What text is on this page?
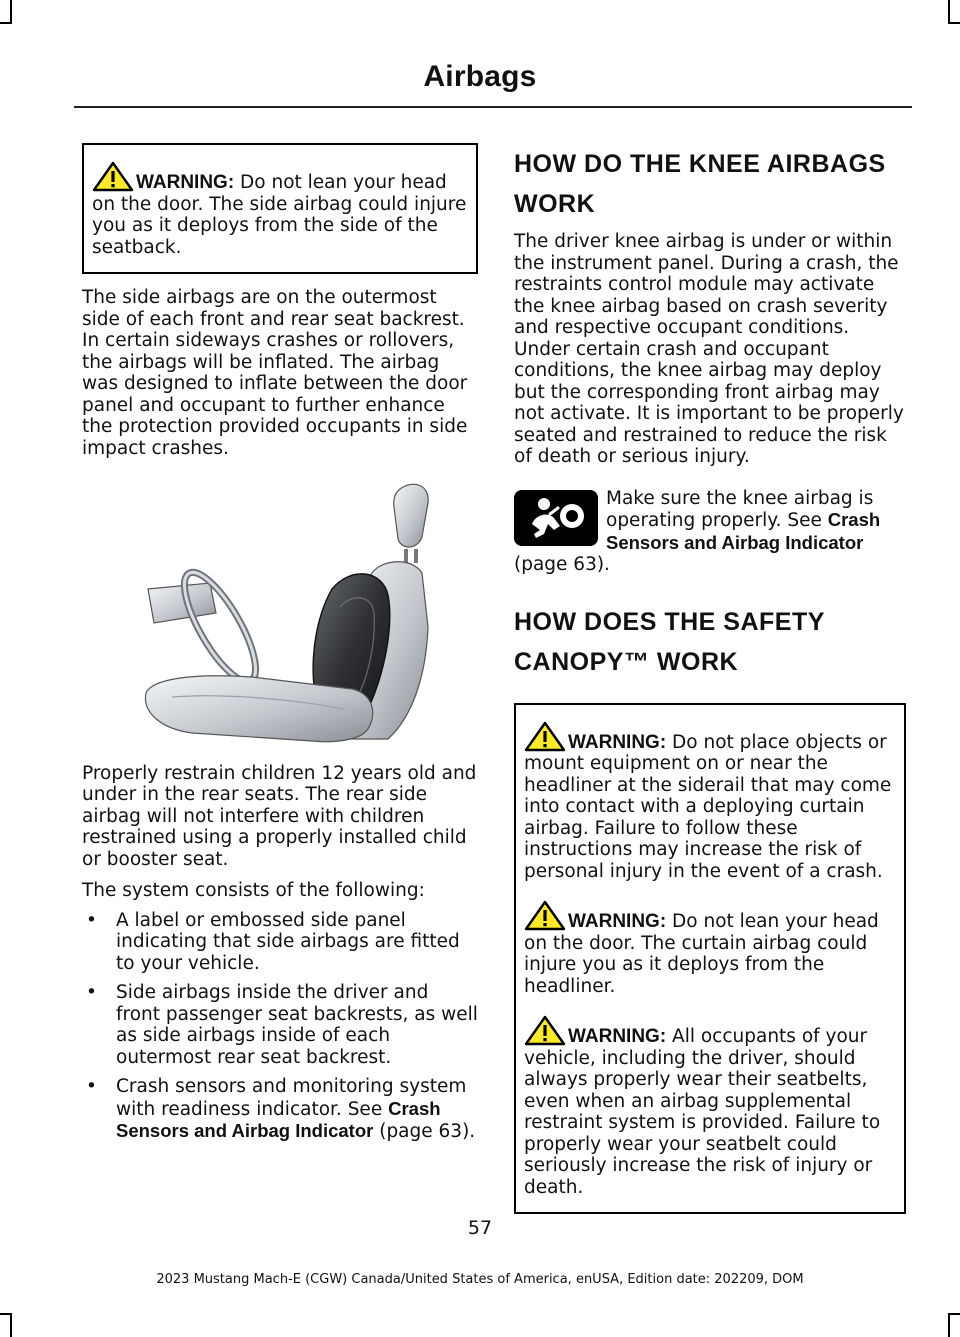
Airbags
WARNING: Do not lean your head on the door. The side airbag could injure you as it deploys from the side of the seatback.

The side airbags are on the outermost side of each front and rear seat backrest. In certain sideways crashes or rollovers, the airbags will be inflated. The airbag was designed to inflate between the door panel and occupant to further enhance the protection provided occupants in side impact crashes.

Properly restrain children 12 years old and under in the rear seats. The rear side airbag will not interfere with children restrained using a properly installed child or booster seat.

The system consists of the following:

• A label or embossed side panel indicating that side airbags are fitted to your vehicle.
• Side airbags inside the driver and front passenger seat backrests, as well as side airbags inside of each outermost rear seat backrest.
• Crash sensors and monitoring system with readiness indicator. See Crash Sensors and Airbag Indicator (page 63).
HOW DO THE KNEE AIRBAGS
WORK

The driver knee airbag is under or within the instrument panel. During a crash, the restraints control module may activate the knee airbag based on crash severity and respective occupant conditions. Under certain crash and occupant conditions, the knee airbag may deploy but the corresponding front airbag may not activate. It is important to be properly seated and restrained to reduce the risk of death or serious injury.

Make sure the knee airbag is operating properly. See Crash Sensors and Airbag Indicator (page 63).
HOW DOES THE SAFETY
CANOPY™ WORK
WARNING: Do not place objects or mount equipment on or near the headliner at the siderail that may come into contact with a deploying curtain airbag. Failure to follow these instructions may increase the risk of personal injury in the event of a crash.
WARNING: Do not lean your head on the door. The curtain airbag could injure you as it deploys from the headliner.
WARNING: All occupants of your vehicle, including the driver, should always properly wear their seatbelts, even when an airbag supplemental restraint system is provided. Failure to properly wear your seatbelt could seriously increase the risk of injury or death.
57
2023 Mustang Mach-E (CGW) Canada/United States of America, enUSA, Edition date: 202209, DOM
